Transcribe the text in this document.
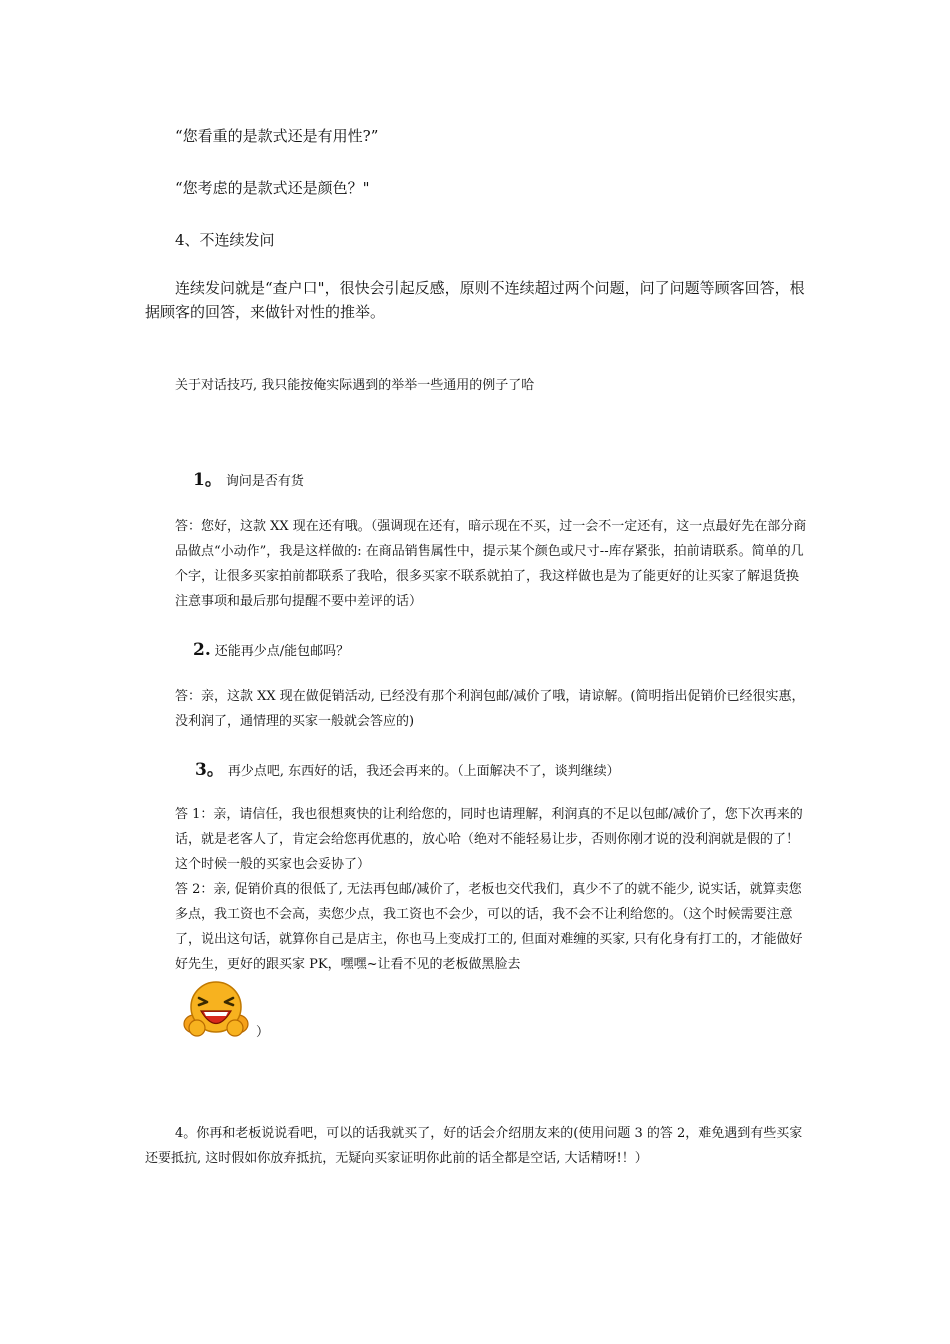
“您看重的是款式还是有用性?”

“您考虑的是款式还是颜色？"

4、不连续发问

连续发问就是“查户口"，很快会引起反感，原则不连续超过两个问题，问了问题等顾客回答，根据顾客的回答，来做针对性的推举。

关于对话技巧, 我只能按俺实际遇到的举举一些通用的例子了哈

1。 询问是否有货

答：您好，这款 XX 现在还有哦。（强调现在还有，暗示现在不买，过一会不一定还有，这一点最好先在部分商品做点“小动作”，我是这样做的: 在商品销售属性中，提示某个颜色或尺寸--库存紧张，拍前请联系。简单的几个字，让很多买家拍前都联系了我哈，很多买家不联系就拍了，我这样做也是为了能更好的让买家了解退货换注意事项和最后那句提醒不要中差评的话）

2. 还能再少点/能包邮吗？

答：亲，这款 XX 现在做促销活动, 已经没有那个利润包邮/减价了哦，请谅解。(简明指出促销价已经很实惠，没利润了，通情理的买家一般就会答应的)

3。 再少点吧, 东西好的话，我还会再来的。（上面解决不了，谈判继续）

答 1：亲，请信任，我也很想爽快的让利给您的，同时也请理解，利润真的不足以包邮/减价了，您下次再来的话，就是老客人了，肯定会给您再优惠的，放心哈（绝对不能轻易让步，否则你刚才说的没利润就是假的了！这个时候一般的买家也会妥协了）

答 2：亲, 促销价真的很低了, 无法再包邮/减价了，老板也交代我们，真少不了的就不能少, 说实话，就算卖您多点，我工资也不会高，卖您少点，我工资也不会少，可以的话，我不会不让利给您的。（这个时候需要注意了，说出这句话，就算你自己是店主，你也马上变成打工的, 但面对难缠的买家, 只有化身有打工的，才能做好好先生，更好的跟买家 PK，嘿嘿~让看不见的老板做黑脸去

）

4。你再和老板说说看吧，可以的话我就买了，好的话会介绍朋友来的(使用问题 3 的答 2，难免遇到有些买家还要抵抗, 这时假如你放弃抵抗，无疑向买家证明你此前的话全都是空话, 大话精呀!！）
